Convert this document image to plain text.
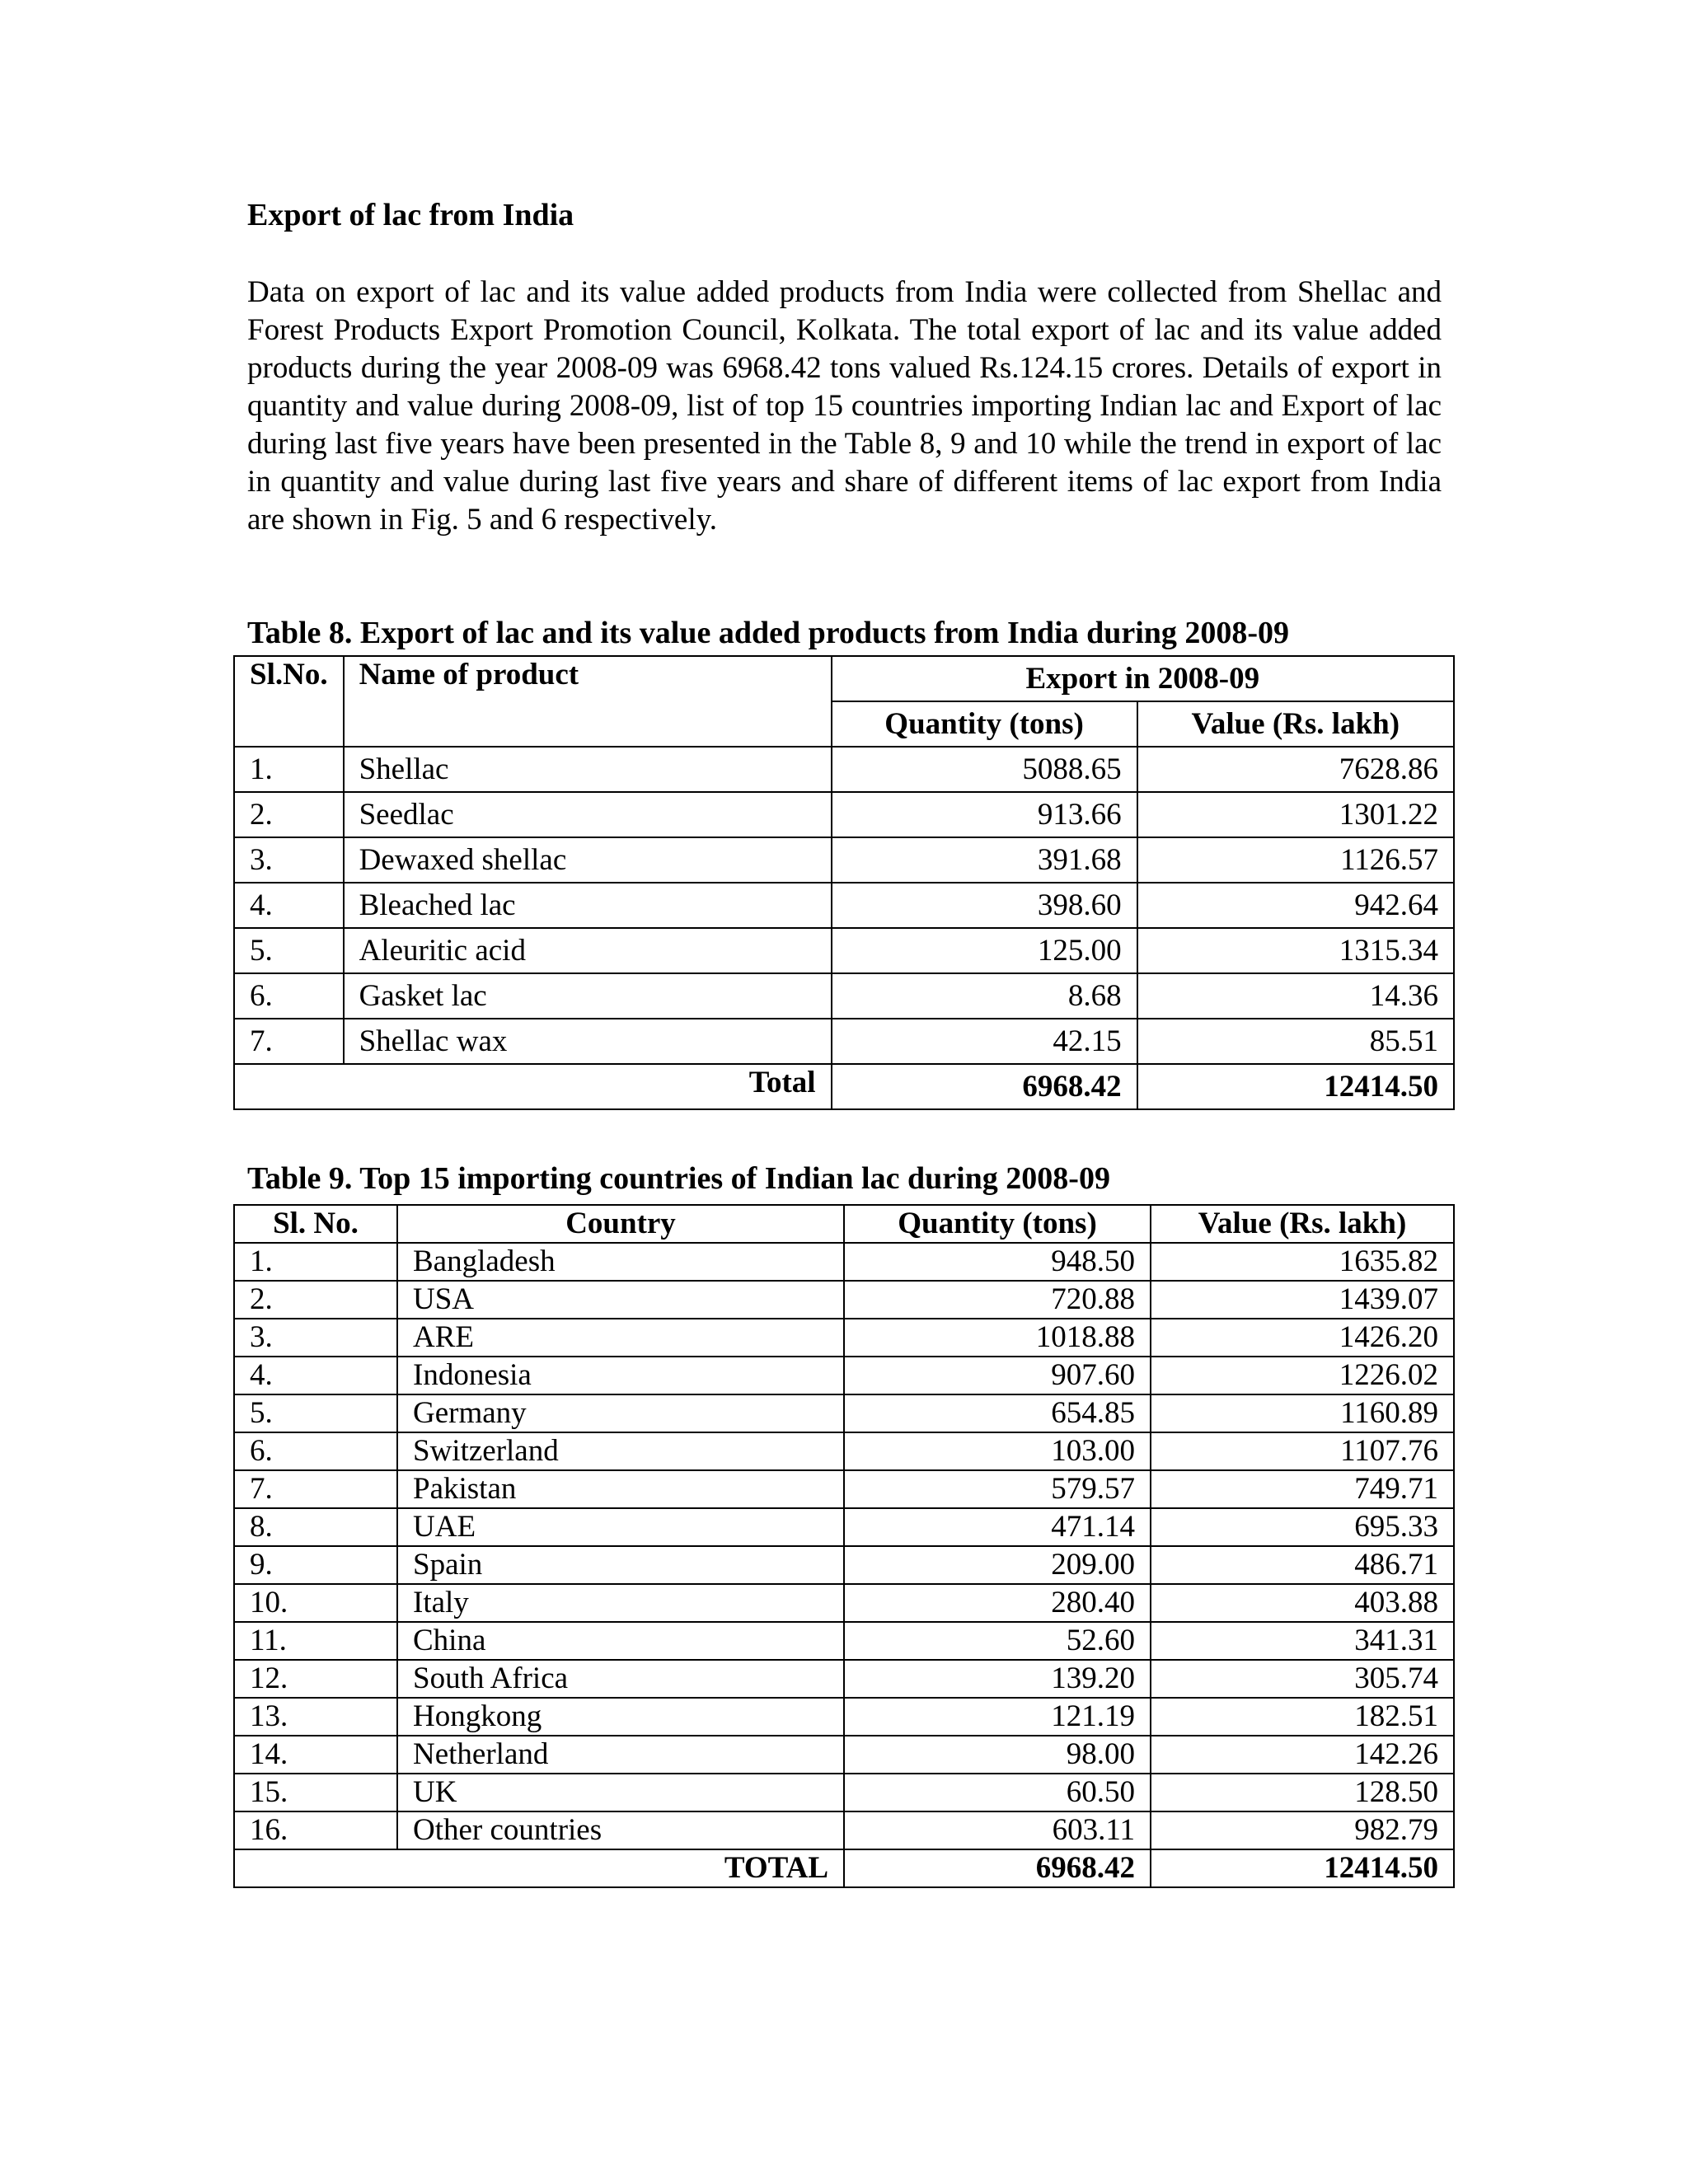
Export of lac from India

Data on export of lac and its value added products from India were collected from Shellac and Forest Products Export Promotion Council, Kolkata. The total export of lac and its value added products during the year 2008-09 was 6968.42 tons valued Rs.124.15 crores. Details of export in quantity and value during 2008-09, list of top 15 countries importing Indian lac and Export of lac during last five years have been presented in the Table 8, 9 and 10 while the trend in export of lac in quantity and value during last five years and share of different items of lac export from India are shown in Fig. 5 and 6 respectively.

Table 8. Export of lac and its value added products from India during 2008-09
Sl.No.	Name of product	Export in 2008-09	
		Quantity (tons)	Value (Rs. lakh)
1.	Shellac	5088.65	7628.86
2.	Seedlac	913.66	1301.22
3.	Dewaxed shellac	391.68	1126.57
4.	Bleached lac	398.60	942.64
5.	Aleuritic acid	125.00	1315.34
6.	Gasket lac	8.68	14.36
7.	Shellac wax	42.15	85.51
Total		6968.42	12414.50
Table 9. Top 15 importing countries of Indian lac during 2008-09
Sl. No.	Country	Quantity (tons)	Value (Rs. lakh)
1.	Bangladesh	948.50	1635.82
2.	USA	720.88	1439.07
3.	ARE	1018.88	1426.20
4.	Indonesia	907.60	1226.02
5.	Germany	654.85	1160.89
6.	Switzerland	103.00	1107.76
7.	Pakistan	579.57	749.71
8.	UAE	471.14	695.33
9.	Spain	209.00	486.71
10.	Italy	280.40	403.88
11.	China	52.60	341.31
12.	South Africa	139.20	305.74
13.	Hongkong	121.19	182.51
14.	Netherland	98.00	142.26
15.	UK	60.50	128.50
16.	Other countries	603.11	982.79
TOTAL		6968.42	12414.50
